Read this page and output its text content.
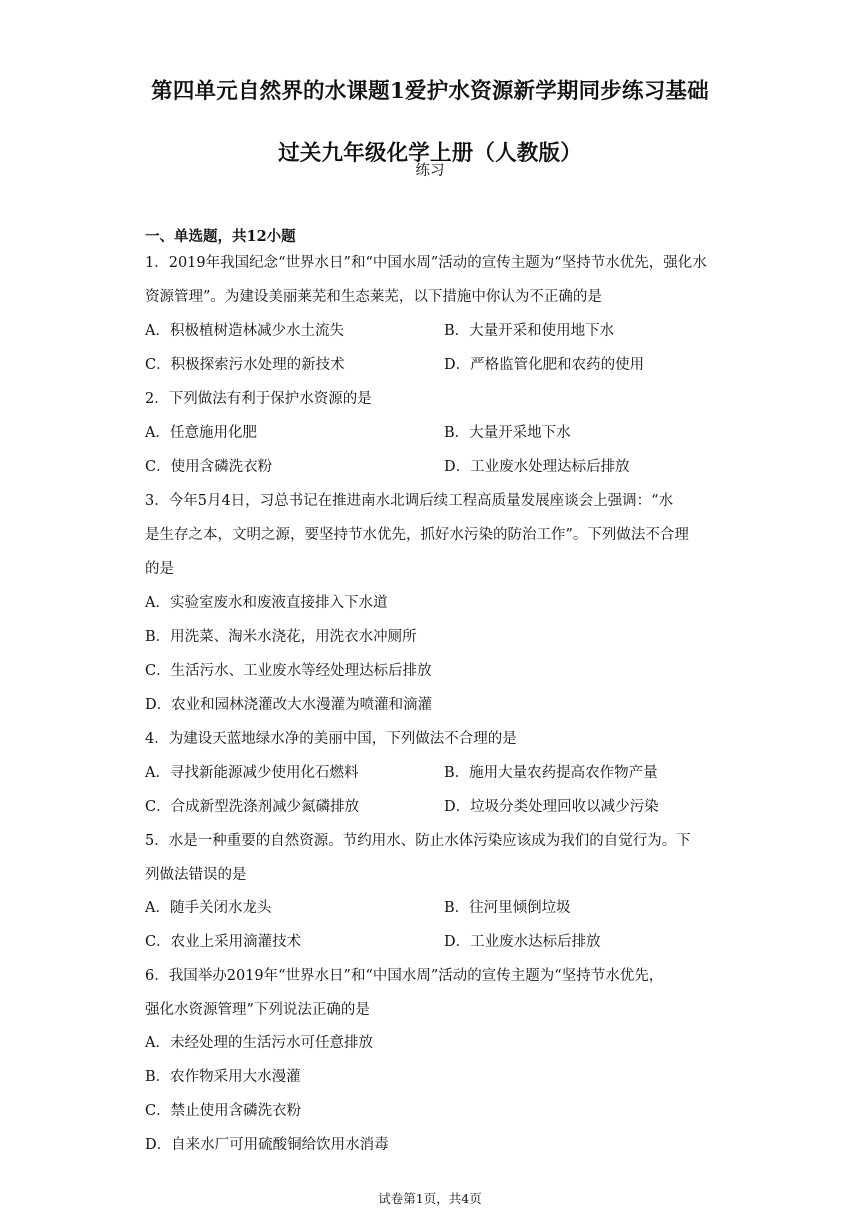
第四单元自然界的水课题1爱护水资源新学期同步练习基础
过关九年级化学上册（人教版）
练习
一、单选题，共12小题
1．2019年我国纪念“世界水日”和“中国水周”活动的宣传主题为“坚持节水优先，强化水
资源管理”。为建设美丽莱芜和生态莱芜，以下措施中你认为不正确的是
A．积极植树造林减少水土流失	B．大量开采和使用地下水
C．积极探索污水处理的新技术	D．严格监管化肥和农药的使用
2．下列做法有利于保护水资源的是
A．任意施用化肥	B．大量开采地下水
C．使用含磷洗衣粉	D．工业废水处理达标后排放
3．今年5月4日，习总书记在推进南水北调后续工程高质量发展座谈会上强调：“水
是生存之本，文明之源，要坚持节水优先，抓好水污染的防治工作”。下列做法不合理
的是
A．实验室废水和废液直接排入下水道
B．用洗菜、淘米水浇花，用洗衣水冲厕所
C．生活污水、工业废水等经处理达标后排放
D．农业和园林浇灌改大水漫灌为喷灌和滴灌
4．为建设天蓝地绿水净的美丽中国，下列做法不合理的是
A．寻找新能源减少使用化石燃料	B．施用大量农药提高农作物产量
C．合成新型洗涤剂减少氮磷排放	D．垃圾分类处理回收以减少污染
5．水是一种重要的自然资源。节约用水、防止水体污染应该成为我们的自觉行为。下
列做法错误的是
A．随手关闭水龙头	B．往河里倾倒垃圾
C．农业上采用滴灌技术	D．工业废水达标后排放
6．我国举办2019年“世界水日”和“中国水周”活动的宣传主题为“坚持节水优先，
强化水资源管理”下列说法正确的是
A．未经处理的生活污水可任意排放
B．农作物采用大水漫灌
C．禁止使用含磷洗衣粉
D．自来水厂可用硫酸铜给饮用水消毒
试卷第1页，共4页
